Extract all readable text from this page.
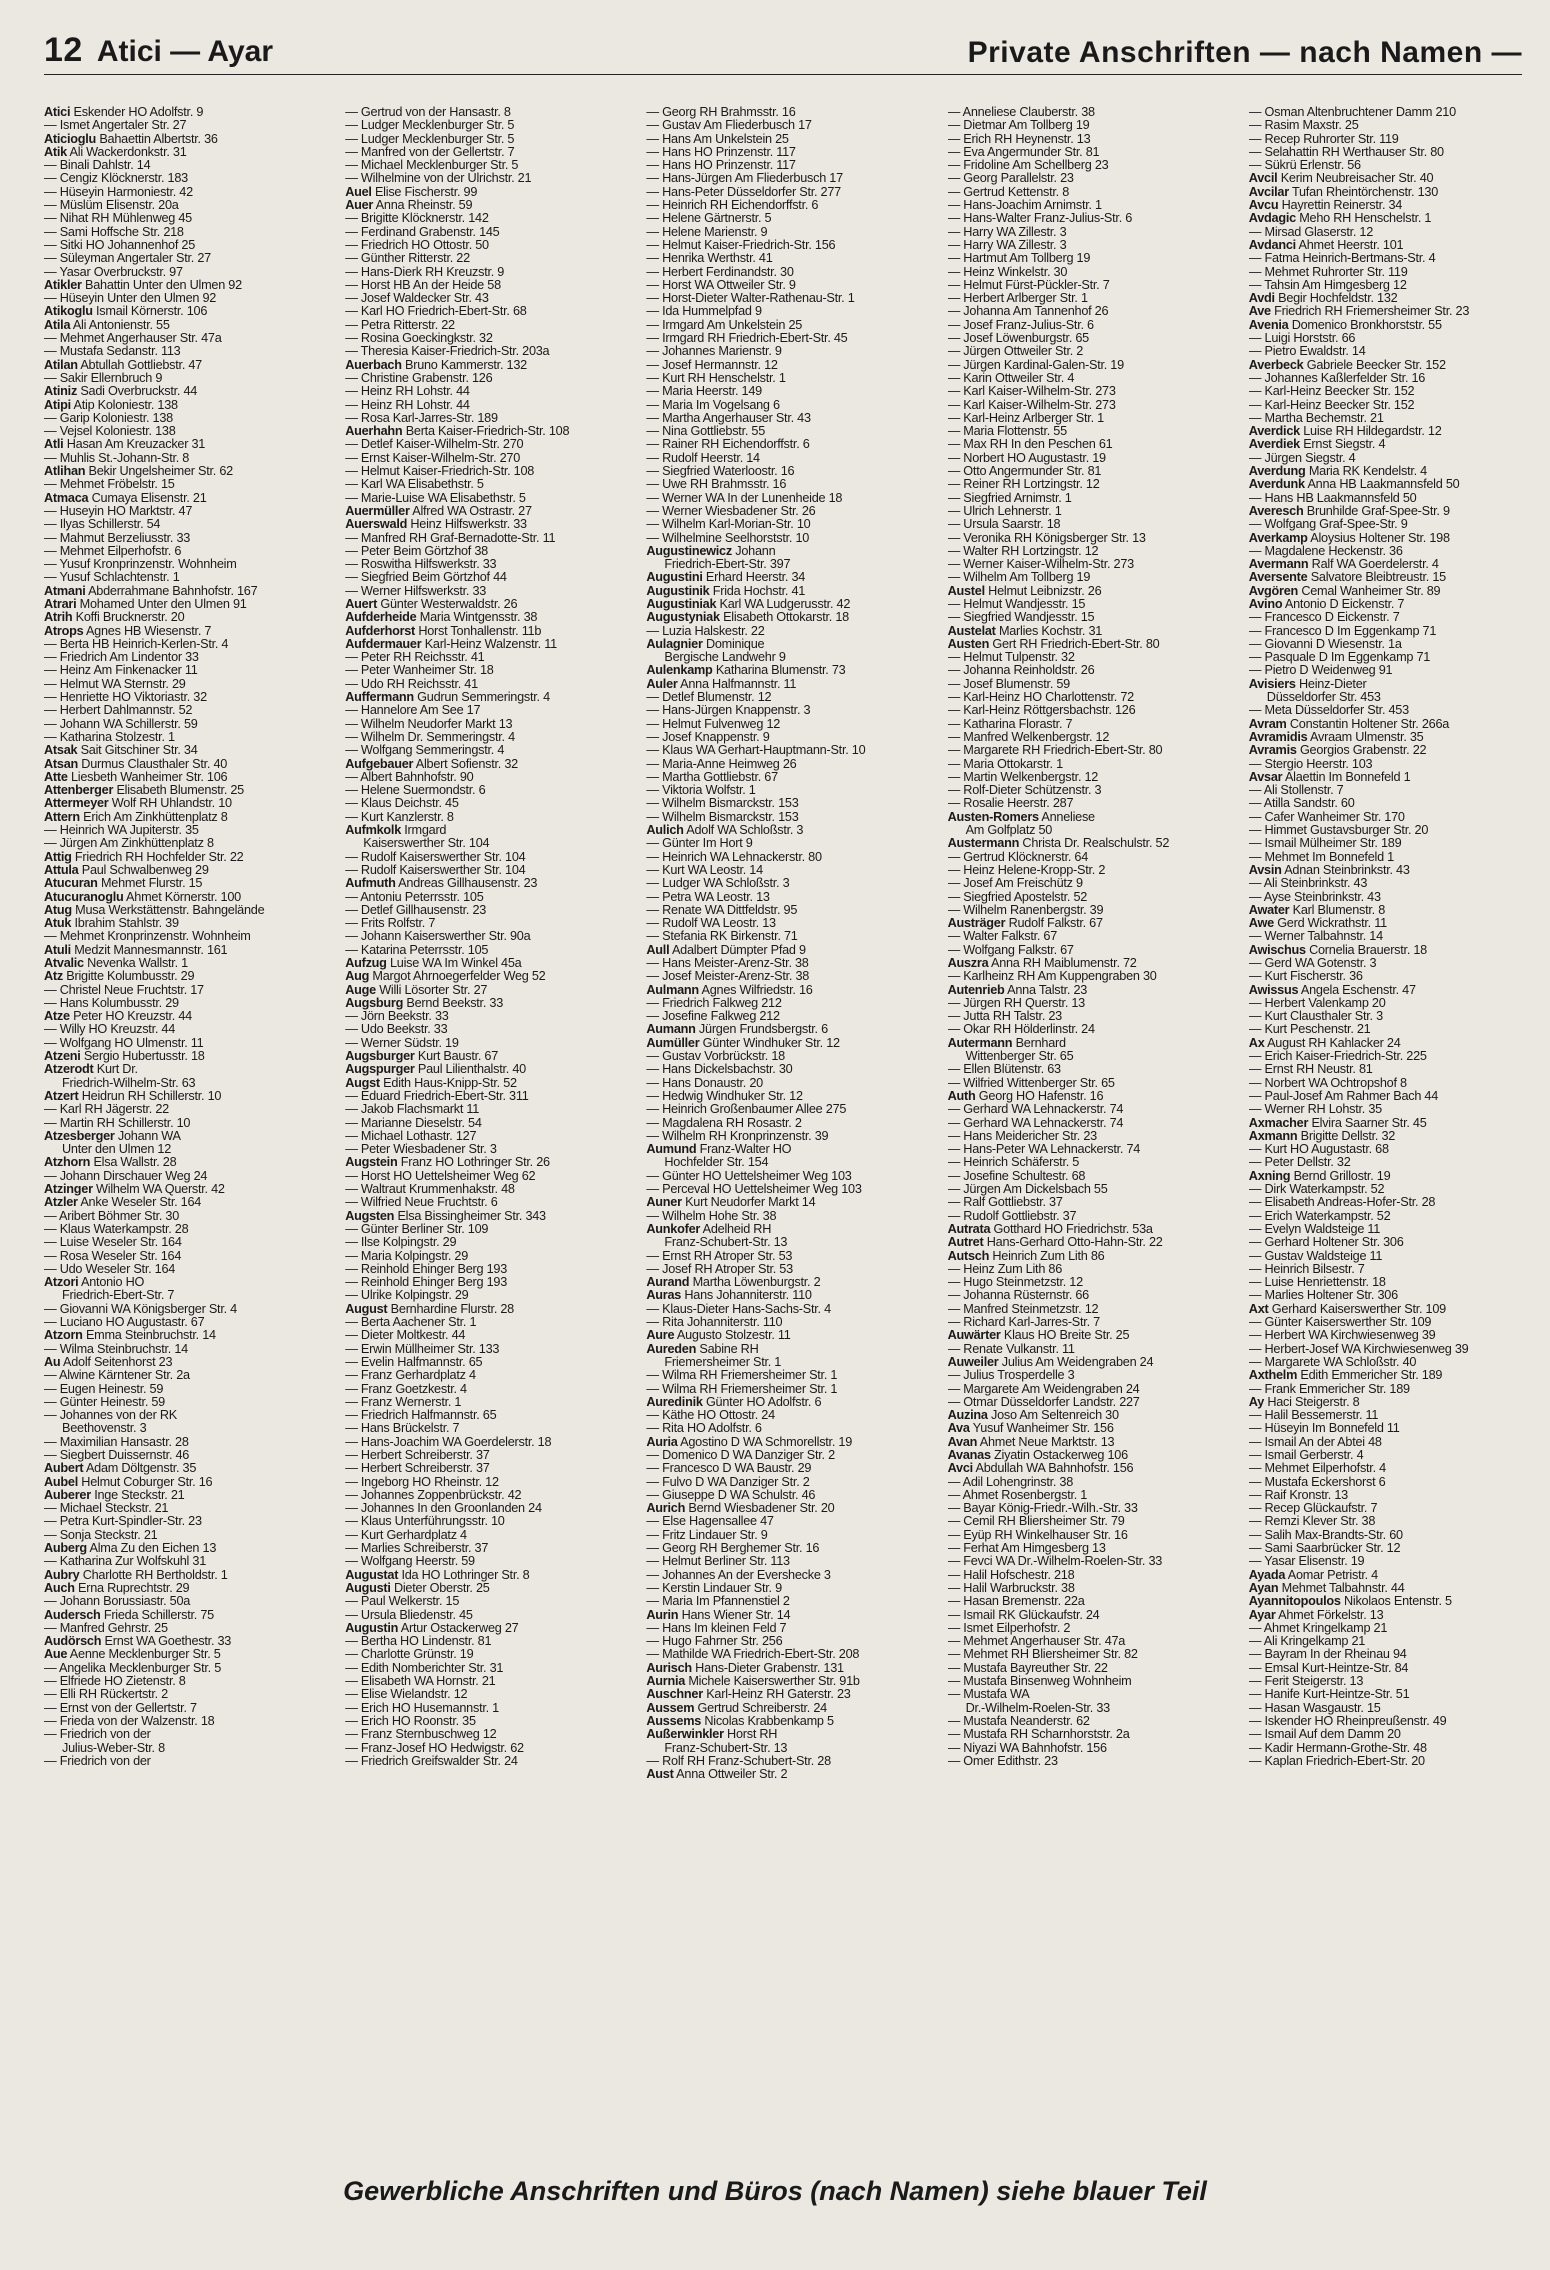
12 Atici — Ayar	Private Anschriften — nach Namen —
Atici Eskender HO Adolfstr. 9
— Ismet Angertaler Str. 27
Aticioglu Bahaettin Albertstr. 36
Atik Ali Wackerdonkstr. 31
— Binali Dahlstr. 14
— Cengiz Klöcknerstr. 183
— Hüseyin Harmoniestr. 42
— Müslüm Elisenstr. 20a
— Nihat RH Mühlenweg 45
— Sami Hoffsche Str. 218
— Sitki HO Johannenhof 25
— Süleyman Angertaler Str. 27
— Yasar Overbruckstr. 97
Atikler Bahattin Unter den Ulmen 92
— Hüseyin Unter den Ulmen 92
Atikoglu Ismail Körnerstr. 106
Atila Ali Antonienstr. 55
— Mehmet Angerhauser Str. 47a
— Mustafa Sedanstr. 113
Atilan Abtullah Gottliebstr. 47
— Sakir Ellernbruch 9
Atiniz Sadi Overbruckstr. 44
Atipi Atip Koloniestr. 138
— Garip Koloniestr. 138
— Vejsel Koloniestr. 138
Atli Hasan Am Kreuzacker 31
— Muhlis St.-Johann-Str. 8
Atlihan Bekir Ungelsheimer Str. 62
— Mehmet Fröbelstr. 15
Atmaca Cumaya Elisenstr. 21
— Huseyin HO Marktstr. 47
— Ilyas Schillerstr. 54
— Mahmut Berzeliusstr. 33
— Mehmet Eilperhofstr. 6
— Yusuf Kronprinzenstr. Wohnheim
— Yusuf Schlachtenstr. 1
Atmani Abderrahmane Bahnhofstr. 167
Atrari Mohamed Unter den Ulmen 91
Atrih Koffi Brucknerstr. 20
Atrops Agnes HB Wiesenstr. 7
— Berta HB Heinrich-Kerlen-Str. 4
— Friedrich Am Lindentor 33
— Heinz Am Finkenacker 11
— Helmut WA Sternstr. 29
— Henriette HO Viktoriastr. 32
— Herbert Dahlmannstr. 52
— Johann WA Schillerstr. 59
— Katharina Stolzestr. 1
Atsak Sait Gitschiner Str. 34
Atsan Durmus Clausthaler Str. 40
Atte Liesbeth Wanheimer Str. 106
Attenberger Elisabeth Blumenstr. 25
Attermeyer Wolf RH Uhlandstr. 10
Attern Erich Am Zinkhüttenplatz 8
— Heinrich WA Jupiterstr. 35
— Jürgen Am Zinkhüttenplatz 8
Attig Friedrich RH Hochfelder Str. 22
Attula Paul Schwalbenweg 29
Atucuran Mehmet Flurstr. 15
Atucuranoglu Ahmet Körnerstr. 100
Atug Musa Werkstättenstr. Bahngelände
Atuk Ibrahim Stahlstr. 39
— Mehmet Kronprinzenstr. Wohnheim
Atuli Medzit Mannesmannstr. 161
Atvalic Nevenka Wallstr. 1
Atz Brigitte Kolumbusstr. 29
— Christel Neue Fruchtstr. 17
— Hans Kolumbusstr. 29
Atze Peter HO Kreuzstr. 44
— Willy HO Kreuzstr. 44
— Wolfgang HO Ulmenstr. 11
Atzeni Sergio Hubertusstr. 18
Atzerodt Kurt Dr.
Friedrich-Wilhelm-Str. 63
Atzert Heidrun RH Schillerstr. 10
— Karl RH Jägerstr. 22
— Martin RH Schillerstr. 10
Atzesberger Johann WA
Unter den Ulmen 12
Atzhorn Elsa Wallstr. 28
— Johann Dirschauer Weg 24
Atzinger Wilhelm WA Querstr. 42
Atzler Anke Weseler Str. 164
— Aribert Böhmer Str. 30
— Klaus Waterkampstr. 28
— Luise Weseler Str. 164
— Rosa Weseler Str. 164
— Udo Weseler Str. 164
Atzori Antonio HO
Friedrich-Ebert-Str. 7
— Giovanni WA Königsberger Str. 4
— Luciano HO Augustastr. 67
Atzorn Emma Steinbruchstr. 14
— Wilma Steinbruchstr. 14
Au Adolf Seitenhorst 23
— Alwine Kärntener Str. 2a
— Eugen Heinestr. 59
— Günter Heinestr. 59
— Johannes von der RK
Beethovenstr. 3
— Maximilian Hansastr. 28
— Siegbert Duissernstr. 46
Aubert Adam Döltgenstr. 35
Aubel Helmut Coburger Str. 16
Auberer Inge Steckstr. 21
— Michael Steckstr. 21
— Petra Kurt-Spindler-Str. 23
— Sonja Steckstr. 21
Auberg Alma Zu den Eichen 13
— Katharina Zur Wolfskuhl 31
Aubry Charlotte RH Bertholdstr. 1
Auch Erna Ruprechtstr. 29
— Johann Borussiastr. 50a
Audersch Frieda Schillerstr. 75
— Manfred Gehrstr. 25
Audörsch Ernst WA Goethestr. 33
Aue Aenne Mecklenburger Str. 5
— Angelika Mecklenburger Str. 5
— Elfriede HO Zietenstr. 8
— Elli RH Rückertstr. 2
— Ernst von der Gellertstr. 7
— Frieda von der Walzenstr. 18
— Friedrich von der
Julius-Weber-Str. 8
— Friedrich von der
— Gertrud von der Hansastr. 8
— Ludger Mecklenburger Str. 5
— Ludger Mecklenburger Str. 5
— Manfred von der Gellertstr. 7
— Michael Mecklenburger Str. 5
— Wilhelmine von der Ulrichstr. 21
Auel Elise Fischerstr. 99
Auer Anna Rheinstr. 59
— Brigitte Klöcknerstr. 142
— Ferdinand Grabenstr. 145
— Friedrich HO Ottostr. 50
— Günther Ritterstr. 22
— Hans-Dierk RH Kreuzstr. 9
— Horst HB An der Heide 58
— Josef Waldecker Str. 43
— Karl HO Friedrich-Ebert-Str. 68
— Petra Ritterstr. 22
— Rosina Goeckingkstr. 32
— Theresia Kaiser-Friedrich-Str. 203a
Auerbach Bruno Kammerstr. 132
— Christine Grabenstr. 126
— Heinz RH Lohstr. 44
— Heinz RH Lohstr. 44
— Rosa Karl-Jarres-Str. 189
Auerhahn Berta Kaiser-Friedrich-Str. 108
— Detlef Kaiser-Wilhelm-Str. 270
— Ernst Kaiser-Wilhelm-Str. 270
— Helmut Kaiser-Friedrich-Str. 108
— Karl WA Elisabethstr. 5
— Marie-Luise WA Elisabethstr. 5
Auermüller Alfred WA Ostrastr. 27
Auerswald Heinz Hilfswerkstr. 33
— Manfred RH Graf-Bernadotte-Str. 11
— Peter Beim Görtzhof 38
— Roswitha Hilfswerkstr. 33
— Siegfried Beim Görtzhof 44
— Werner Hilfswerkstr. 33
Auert Günter Westerwaldstr. 26
Aufderheide Maria Wintgensstr. 38
Aufderhorst Horst Tonhallenstr. 11b
Aufdermauer Karl-Heinz Walzenstr. 11
— Peter RH Reichsstr. 41
— Peter Wanheimer Str. 18
— Udo RH Reichsstr. 41
Auffermann Gudrun Semmeringstr. 4
— Hannelore Am See 17
— Wilhelm Neudorfer Markt 13
— Wilhelm Dr. Semmeringstr. 4
— Wolfgang Semmeringstr. 4
Aufgebauer Albert Sofienstr. 32
— Albert Bahnhofstr. 90
— Helene Suermondstr. 6
— Klaus Deichstr. 45
— Kurt Kanzlerstr. 8
Aufmkolk Irmgard
Kaiserswerther Str. 104
— Rudolf Kaiserswerther Str. 104
— Rudolf Kaiserswerther Str. 104
Aufmuth Andreas Gillhausenstr. 23
— Antoniu Peterrsstr. 105
— Detlef Gillhausenstr. 23
— Frits Rolfstr. 7
— Johann Kaiserswerther Str. 90a
— Katarina Peterrsstr. 105
Aufzug Luise WA Im Winkel 45a
Aug Margot Ahrnoegerfelder Weg 52
Auge Willi Lösorter Str. 27
Augsburg Bernd Beekstr. 33
— Jörn Beekstr. 33
— Udo Beekstr. 33
— Werner Südstr. 19
Augsburger Kurt Baustr. 67
Augspurger Paul Lilienthalstr. 40
Augst Edith Haus-Knipp-Str. 52
— Eduard Friedrich-Ebert-Str. 311
— Jakob Flachsmarkt 11
— Marianne Dieselstr. 54
— Michael Lothastr. 127
— Peter Wiesbadener Str. 3
Augstein Franz HO Lothringer Str. 26
— Horst HO Uettelsheimer Weg 62
— Waltraut Krummenhakstr. 48
— Wilfried Neue Fruchtstr. 6
Augsten Elsa Bissingheimer Str. 343
— Günter Berliner Str. 109
— Ilse Kolpingstr. 29
— Maria Kolpingstr. 29
— Reinhold Ehinger Berg 193
— Reinhold Ehinger Berg 193
— Ulrike Kolpingstr. 29
August Bernhardine Flurstr. 28
— Berta Aachener Str. 1
— Dieter Moltkestr. 44
— Erwin Müllheimer Str. 133
— Evelin Halfmannstr. 65
— Franz Gerhardplatz 4
— Franz Goetzkestr. 4
— Franz Wernerstr. 1
— Friedrich Halfmannstr. 65
— Hans Brückelstr. 7
— Hans-Joachim WA Goerdelerstr. 18
— Herbert Schreiberstr. 37
— Herbert Schreiberstr. 37
— Ingeborg HO Rheinstr. 12
— Johannes Zoppenbrückstr. 42
— Johannes In den Groonlanden 24
— Klaus Unterführungsstr. 10
— Kurt Gerhardplatz 4
— Marlies Schreiberstr. 37
— Wolfgang Heerstr. 59
Augustat Ida HO Lothringer Str. 8
Augusti Dieter Oberstr. 25
— Paul Welkerstr. 15
— Ursula Bliedenstr. 45
Augustin Artur Ostackerweg 27
— Bertha HO Lindenstr. 81
— Charlotte Grünstr. 19
— Edith Nomberichter Str. 31
— Elisabeth WA Hornstr. 21
— Elise Wielandstr. 12
— Erich HO Husemannstr. 1
— Erich HO Roonstr. 35
— Franz Sternbuschweg 12
— Franz-Josef HO Hedwigstr. 62
— Friedrich Greifswalder Str. 24
— Georg RH Brahmsstr. 16
— Gustav Am Fliederbusch 17
— Hans Am Unkelstein 25
— Hans HO Prinzenstr. 117
— Hans HO Prinzenstr. 117
— Hans-Jürgen Am Fliederbusch 17
— Hans-Peter Düsseldorfer Str. 277
— Heinrich RH Eichendorffstr. 6
— Helene Gärtnerstr. 5
— Helene Marienstr. 9
— Helmut Kaiser-Friedrich-Str. 156
— Henrika Werthstr. 41
— Herbert Ferdinandstr. 30
— Horst WA Ottweiler Str. 9
— Horst-Dieter Walter-Rathenau-Str. 1
— Ida Hummelpfad 9
— Irmgard Am Unkelstein 25
— Irmgard RH Friedrich-Ebert-Str. 45
— Johannes Marienstr. 9
— Josef Hermannstr. 12
— Kurt RH Henschelstr. 1
— Maria Heerstr. 149
— Maria Im Vogelsang 6
— Martha Angerhauser Str. 43
— Nina Gottliebstr. 55
— Rainer RH Eichendorffstr. 6
— Rudolf Heerstr. 14
— Siegfried Waterloostr. 16
— Uwe RH Brahmsstr. 16
— Werner WA In der Lunenheide 18
— Werner Wiesbadener Str. 26
— Wilhelm Karl-Morian-Str. 10
— Wilhelmine Seelhorststr. 10
Augustinewicz Johann
Friedrich-Ebert-Str. 397
Augustini Erhard Heerstr. 34
Augustinik Frida Hochstr. 41
Augustiniak Karl WA Ludgerusstr. 42
Augustyniak Elisabeth Ottokarstr. 18
— Luzia Halskestr. 22
Aulagnier Dominique
Bergische Landwehr 9
Aulenkamp Katharina Blumenstr. 73
Auler Anna Halfmannstr. 11
— Detlef Blumenstr. 12
— Hans-Jürgen Knappenstr. 3
— Helmut Fulvenweg 12
— Josef Knappenstr. 9
— Klaus WA Gerhart-Hauptmann-Str. 10
— Maria-Anne Heimweg 26
— Martha Gottliebstr. 67
— Viktoria Wolfstr. 1
— Wilhelm Bismarckstr. 153
— Wilhelm Bismarckstr. 153
Aulich Adolf WA Schloßstr. 3
— Günter Im Hort 9
— Heinrich WA Lehnackerstr. 80
— Kurt WA Leostr. 14
— Ludger WA Schloßstr. 3
— Petra WA Leostr. 13
— Renate WA Dittfeldstr. 95
— Rudolf WA Leostr. 13
— Stefania RK Birkenstr. 71
Aull Adalbert Dümpter Pfad 9
— Hans Meister-Arenz-Str. 38
— Josef Meister-Arenz-Str. 38
Aulmann Agnes Wilfriedstr. 16
— Friedrich Falkweg 212
— Josefine Falkweg 212
Aumann Jürgen Frundsbergstr. 6
Aumüller Günter Windhuker Str. 12
— Gustav Vorbrückstr. 18
— Hans Dickelsbachstr. 30
— Hans Donaustr. 20
— Hedwig Windhuker Str. 12
— Heinrich Großenbaumer Allee 275
— Magdalena RH Rosastr. 2
— Wilhelm RH Kronprinzenstr. 39
Aumund Franz-Walter HO
Hochfelder Str. 154
— Günter HO Uettelsheimer Weg 103
— Perceval HO Uettelsheimer Weg 103
Auner Kurt Neudorfer Markt 14
— Wilhelm Hohe Str. 38
Aunkofer Adelheid RH
Franz-Schubert-Str. 13
— Ernst RH Atroper Str. 53
— Josef RH Atroper Str. 53
Aurand Martha Löwenburgstr. 2
Auras Hans Johanniterstr. 110
— Klaus-Dieter Hans-Sachs-Str. 4
— Rita Johanniterstr. 110
Aure Augusto Stolzestr. 11
Aureden Sabine RH
Friemersheimer Str. 1
— Wilma RH Friemersheimer Str. 1
— Wilma RH Friemersheimer Str. 1
Auredinik Günter HO Adolfstr. 6
— Käthe HO Ottostr. 24
— Rita HO Adolfstr. 6
Auria Agostino D WA Schmorellstr. 19
— Domenico D WA Danziger Str. 2
— Francesco D WA Baustr. 29
— Fulvo D WA Danziger Str. 2
— Giuseppe D WA Schulstr. 46
Aurich Bernd Wiesbadener Str. 20
— Else Hagensallee 47
— Fritz Lindauer Str. 9
— Georg RH Berghemer Str. 16
— Helmut Berliner Str. 113
— Johannes An der Evershecke 3
— Kerstin Lindauer Str. 9
— Maria Im Pfannenstiel 2
Aurin Hans Wiener Str. 14
— Hans Im kleinen Feld 7
— Hugo Fahrner Str. 256
— Mathilde WA Friedrich-Ebert-Str. 208
Aurisch Hans-Dieter Grabenstr. 131
Aurnia Michele Kaiserswerther Str. 91b
Auschner Karl-Heinz RH Gaterstr. 23
Aussem Gertrud Schreiberstr. 24
Aussems Nicolas Krabbenkamp 5
Außerwinkler Horst RH
Franz-Schubert-Str. 13
— Rolf RH Franz-Schubert-Str. 28
Aust Anna Ottweiler Str. 2
— Anneliese Clauberstr. 38
— Dietmar Am Tollberg 19
— Erich RH Heynenstr. 13
— Eva Angermunder Str. 81
— Fridoline Am Schellberg 23
— Georg Parallelstr. 23
— Gertrud Kettenstr. 8
— Hans-Joachim Arnimstr. 1
— Hans-Walter Franz-Julius-Str. 6
— Harry WA Zillestr. 3
— Harry WA Zillestr. 3
— Hartmut Am Tollberg 19
— Heinz Winkelstr. 30
— Helmut Fürst-Pückler-Str. 7
— Herbert Arlberger Str. 1
— Johanna Am Tannenhof 26
— Josef Franz-Julius-Str. 6
— Josef Löwenburgstr. 65
— Jürgen Ottweiler Str. 2
— Jürgen Kardinal-Galen-Str. 19
— Karin Ottweiler Str. 4
— Karl Kaiser-Wilhelm-Str. 273
— Karl Kaiser-Wilhelm-Str. 273
— Karl-Heinz Arlberger Str. 1
— Maria Flottenstr. 55
— Max RH In den Peschen 61
— Norbert HO Augustastr. 19
— Otto Angermunder Str. 81
— Reiner RH Lortzingstr. 12
— Siegfried Arnimstr. 1
— Ulrich Lehnerstr. 1
— Ursula Saarstr. 18
— Veronika RH Königsberger Str. 13
— Walter RH Lortzingstr. 12
— Werner Kaiser-Wilhelm-Str. 273
— Wilhelm Am Tollberg 19
Austel Helmut Leibnizstr. 26
— Helmut Wandjesstr. 15
— Siegfried Wandjesstr. 15
Austelat Marlies Kochstr. 31
Austen Gert RH Friedrich-Ebert-Str. 80
— Helmut Tulpenstr. 32
— Johanna Reinholdstr. 26
— Josef Blumenstr. 59
— Karl-Heinz HO Charlottenstr. 72
— Karl-Heinz Röttgersbachstr. 126
— Katharina Florastr. 7
— Manfred Welkenbergstr. 12
— Margarete RH Friedrich-Ebert-Str. 80
— Maria Ottokarstr. 1
— Martin Welkenbergstr. 12
— Rolf-Dieter Schützenstr. 3
— Rosalie Heerstr. 287
Austen-Romers Anneliese
Am Golfplatz 50
Austermann Christa Dr. Realschulstr. 52
— Gertrud Klöcknerstr. 64
— Heinz Helene-Kropp-Str. 2
— Josef Am Freischütz 9
— Siegfried Apostelstr. 52
— Wilhelm Ranenbergstr. 39
Austräger Rudolf Falkstr. 67
— Walter Falkstr. 67
— Wolfgang Falkstr. 67
Auszra Anna RH Maiblumenstr. 72
— Karlheinz RH Am Kuppengraben 30
Autenrieb Anna Talstr. 23
— Jürgen RH Querstr. 13
— Jutta RH Talstr. 23
— Okar RH Hölderlinstr. 24
Autermann Bernhard
Wittenberger Str. 65
— Ellen Blütenstr. 63
— Wilfried Wittenberger Str. 65
Auth Georg HO Hafenstr. 16
— Gerhard WA Lehnackerstr. 74
— Gerhard WA Lehnackerstr. 74
— Hans Meidericher Str. 23
— Hans-Peter WA Lehnackerstr. 74
— Heinrich Schäferstr. 5
— Josefine Schultestr. 68
— Jürgen Am Dickelsbach 55
— Ralf Gottliebstr. 37
— Rudolf Gottliebstr. 37
Autrata Gotthard HO Friedrichstr. 53a
Autret Hans-Gerhard Otto-Hahn-Str. 22
Autsch Heinrich Zum Lith 86
— Heinz Zum Lith 86
— Hugo Steinmetzstr. 12
— Johanna Rüsternstr. 66
— Manfred Steinmetzstr. 12
— Richard Karl-Jarres-Str. 7
Auwärter Klaus HO Breite Str. 25
— Renate Vulkanstr. 11
Auweiler Julius Am Weidengraben 24
— Julius Trosperdelle 3
— Margarete Am Weidengraben 24
— Otmar Düsseldorfer Landstr. 227
Auzina Joso Am Seltenreich 30
Ava Yusuf Wanheimer Str. 156
Avan Ahmet Neue Marktstr. 13
Avanas Ziyatin Ostackerweg 106
Avci Abdullah WA Bahnhofstr. 156
— Adil Lohengrinstr. 38
— Ahmet Rosenbergstr. 1
— Bayar König-Friedr.-Wilh.-Str. 33
— Cemil RH Bliersheimer Str. 79
— Eyüp RH Winkelhauser Str. 16
— Ferhat Am Himgesberg 13
— Fevci WA Dr.-Wilhelm-Roelen-Str. 33
— Halil Hofschestr. 218
— Halil Warbruckstr. 38
— Hasan Bremenstr. 22a
— Ismail RK Glückaufstr. 24
— Ismet Eilperhofstr. 2
— Mehmet Angerhauser Str. 47a
— Mehmet RH Bliersheimer Str. 82
— Mustafa Bayreuther Str. 22
— Mustafa Binsenweg Wohnheim
— Mustafa WA
Dr.-Wilhelm-Roelen-Str. 33
— Mustafa Neanderstr. 62
— Mustafa RH Scharnhorststr. 2a
— Niyazi WA Bahnhofstr. 156
— Ömer Edithstr. 23
— Osman Altenbruchtener Damm 210
— Rasim Maxstr. 25
— Recep Ruhrorter Str. 119
— Selahattin RH Werthauser Str. 80
— Sükrü Erlenstr. 56
Avcil Kerim Neubreisacher Str. 40
Avcilar Tufan Rheintörchenstr. 130
Avcu Hayrettin Reinerstr. 34
Avdagic Meho RH Henschelstr. 1
— Mirsad Glaserstr. 12
Avdanci Ahmet Heerstr. 101
— Fatma Heinrich-Bertmans-Str. 4
— Mehmet Ruhrorter Str. 119
— Tahsin Am Himgesberg 12
Avdi Begir Hochfeldstr. 132
Ave Friedrich RH Friemersheimer Str. 23
Avenia Domenico Bronkhorststr. 55
— Luigi Horststr. 66
— Pietro Ewaldstr. 14
Averbeck Gabriele Beecker Str. 152
— Johannes Kaßlerfelder Str. 16
— Karl-Heinz Beecker Str. 152
— Karl-Heinz Beecker Str. 152
— Martha Bechemstr. 21
Averdick Luise RH Hildegardstr. 12
Averdiek Ernst Siegstr. 4
— Jürgen Siegstr. 4
Averdung Maria RK Kendelstr. 4
Averdunk Anna HB Laakmannsfeld 50
— Hans HB Laakmannsfeld 50
Averesch Brunhilde Graf-Spee-Str. 9
— Wolfgang Graf-Spee-Str. 9
Averkamp Aloysius Holtener Str. 198
— Magdalene Heckenstr. 36
Avermann Ralf WA Goerdelerstr. 4
Aversente Salvatore Bleibtreustr. 15
Avgören Cemal Wanheimer Str. 89
Avino Antonio D Eickenstr. 7
— Francesco D Eickenstr. 7
— Francesco D Im Eggenkamp 71
— Giovanni D Wiesenstr. 1a
— Pasquale D Im Eggenkamp 71
— Pietro D Weidenweg 91
Avisiers Heinz-Dieter
Düsseldorfer Str. 453
— Meta Düsseldorfer Str. 453
Avram Constantin Holtener Str. 266a
Avramidis Avraam Ulmenstr. 35
Avramis Georgios Grabenstr. 22
— Stergio Heerstr. 103
Avsar Alaettin Im Bonnefeld 1
— Ali Stollenstr. 7
— Atilla Sandstr. 60
— Cafer Wanheimer Str. 170
— Himmet Gustavsburger Str. 20
— Ismail Mülheimer Str. 189
— Mehmet Im Bonnefeld 1
Avsin Adnan Steinbrinkstr. 43
— Ali Steinbrinkstr. 43
— Ayse Steinbrinkstr. 43
Awater Karl Blumenstr. 8
Awe Gerd Wickrathstr. 11
— Werner Talbahnstr. 14
Awischus Cornelia Brauerstr. 18
— Gerd WA Gotenstr. 3
— Kurt Fischerstr. 36
Awissus Angela Eschenstr. 47
— Herbert Valenkamp 20
— Kurt Clausthaler Str. 3
— Kurt Peschenstr. 21
Ax August RH Kahlacker 24
— Erich Kaiser-Friedrich-Str. 225
— Ernst RH Neustr. 81
— Norbert WA Ochtropshof 8
— Paul-Josef Am Rahmer Bach 44
— Werner RH Lohstr. 35
Axmacher Elvira Saarner Str. 45
Axmann Brigitte Dellstr. 32
— Kurt HO Augustastr. 68
— Peter Dellstr. 32
Axning Bernd Grillostr. 19
— Dirk Waterkampstr. 52
— Elisabeth Andreas-Hofer-Str. 28
— Erich Waterkampstr. 52
— Evelyn Waldsteige 11
— Gerhard Holtener Str. 306
— Gustav Waldsteige 11
— Heinrich Bilsestr. 7
— Luise Henriettenstr. 18
— Marlies Holtener Str. 306
Axt Gerhard Kaiserswerther Str. 109
— Günter Kaiserswerther Str. 109
— Herbert WA Kirchwiesenweg 39
— Herbert-Josef WA Kirchwiesenweg 39
— Margarete WA Schloßstr. 40
Axthelm Edith Emmericher Str. 189
— Frank Emmericher Str. 189
Ay Haci Steigerstr. 8
— Halil Bessemerstr. 11
— Hüseyin Im Bonnefeld 11
— Ismail An der Abtei 48
— Ismail Gerberstr. 4
— Mehmet Eilperhofstr. 4
— Mustafa Eckershorst 6
— Raif Kronstr. 13
— Recep Glückaufstr. 7
— Remzi Klever Str. 38
— Salih Max-Brandts-Str. 60
— Sami Saarbrücker Str. 12
— Yasar Elisenstr. 19
Ayada Aomar Petristr. 4
Ayan Mehmet Talbahnstr. 44
Ayannitopoulos Nikolaos Entenstr. 5
Ayar Ahmet Förkelstr. 13
— Ahmet Kringelkamp 21
— Ali Kringelkamp 21
— Bayram In der Rheinau 94
— Emsal Kurt-Heintze-Str. 84
— Ferit Steigerstr. 13
— Hanife Kurt-Heintze-Str. 51
— Hasan Wasgaustr. 15
— Iskender HO Rheinpreußenstr. 49
— Ismail Auf dem Damm 20
— Kadir Hermann-Grothe-Str. 48
— Kaplan Friedrich-Ebert-Str. 20
Gewerbliche Anschriften und Büros (nach Namen) siehe blauer Teil
